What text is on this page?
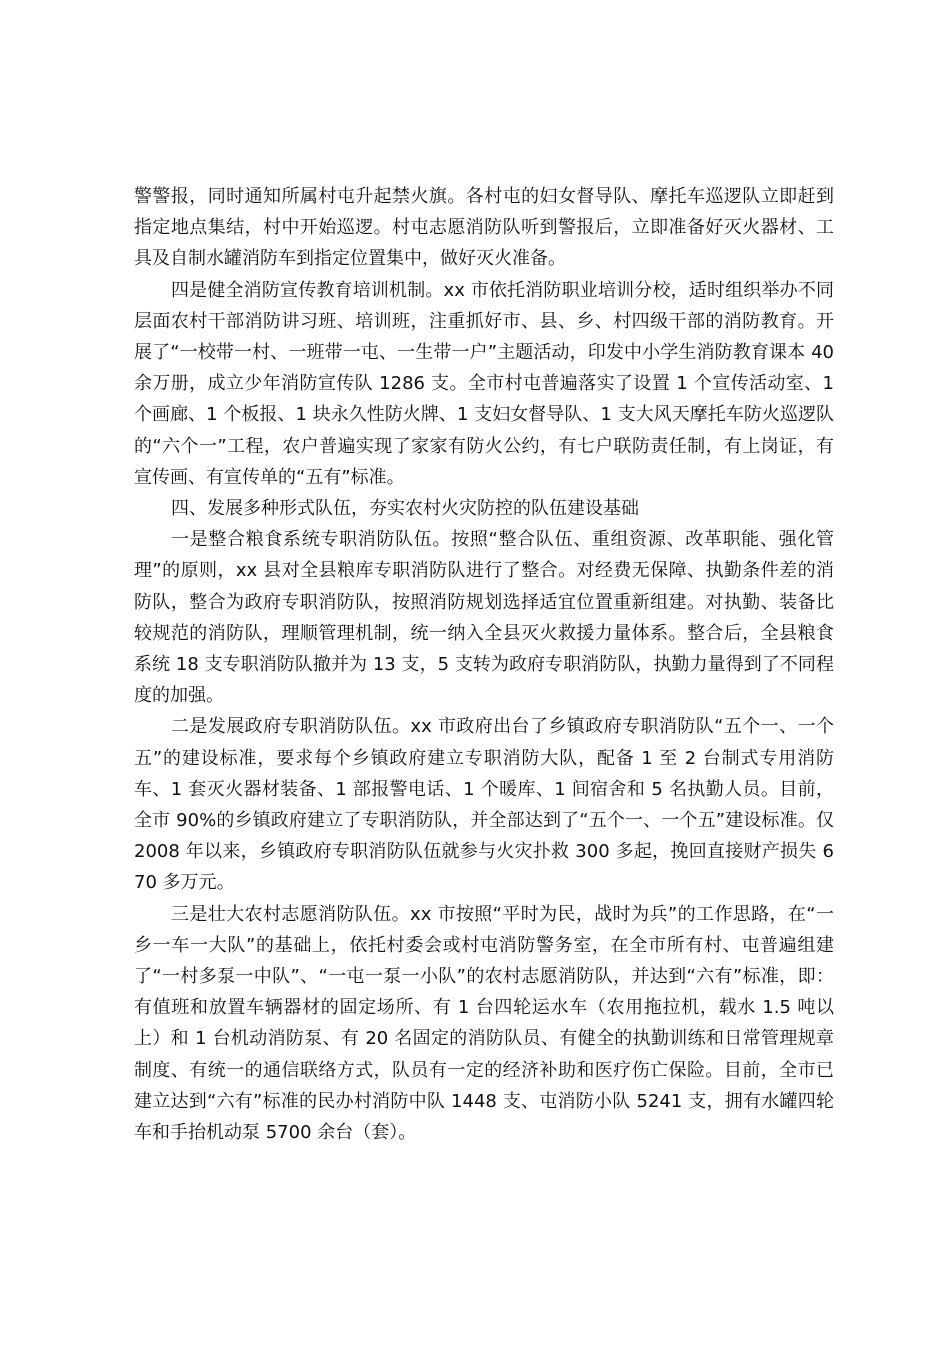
警警报，同时通知所属村屯升起禁火旗。各村屯的妇女督导队、摩托车巡逻队立即赶到指定地点集结，村中开始巡逻。村屯志愿消防队听到警报后，立即准备好灭火器材、工具及自制水罐消防车到指定位置集中，做好灭火准备。

四是健全消防宣传教育培训机制。xx 市依托消防职业培训分校，适时组织举办不同层面农村干部消防讲习班、培训班，注重抓好市、县、乡、村四级干部的消防教育。开展了“一校带一村、一班带一屯、一生带一户”主题活动，印发中小学生消防教育课本 40 余万册，成立少年消防宣传队 1286 支。全市村屯普遍落实了设置 1 个宣传活动室、1 个画廊、1 个板报、1 块永久性防火牌、1 支妇女督导队、1 支大风天摩托车防火巡逻队的“六个一”工程，农户普遍实现了家家有防火公约，有七户联防责任制，有上岗证，有宣传画、有宣传单的“五有”标准。

四、发展多种形式队伍，夯实农村火灾防控的队伍建设基础

一是整合粮食系统专职消防队伍。按照“整合队伍、重组资源、改革职能、强化管理”的原则，xx 县对全县粮库专职消防队进行了整合。对经费无保障、执勤条件差的消防队，整合为政府专职消防队，按照消防规划选择适宜位置重新组建。对执勤、装备比较规范的消防队，理顺管理机制，统一纳入全县灭火救援力量体系。整合后，全县粮食系统 18 支专职消防队撤并为 13 支，5 支转为政府专职消防队，执勤力量得到了不同程度的加强。

二是发展政府专职消防队伍。xx 市政府出台了乡镇政府专职消防队“五个一、一个五”的建设标准，要求每个乡镇政府建立专职消防大队，配备 1 至 2 台制式专用消防车、1 套灭火器材装备、1 部报警电话、1 个暖库、1 间宿舍和 5 名执勤人员。目前，全市 90%的乡镇政府建立了专职消防队，并全部达到了“五个一、一个五”建设标准。仅 2008 年以来，乡镇政府专职消防队伍就参与火灾扑救 300 多起，挽回直接财产损失 670 多万元。

三是壮大农村志愿消防队伍。xx 市按照“平时为民，战时为兵”的工作思路，在“一乡一车一大队”的基础上，依托村委会或村屯消防警务室，在全市所有村、屯普遍组建了“一村多泵一中队”、“一屯一泵一小队”的农村志愿消防队，并达到“六有”标准，即：有值班和放置车辆器材的固定场所、有 1 台四轮运水车（农用拖拉机，载水 1.5 吨以上）和 1 台机动消防泵、有 20 名固定的消防队员、有健全的执勤训练和日常管理规章制度、有统一的通信联络方式，队员有一定的经济补助和医疗伤亡保险。目前，全市已建立达到“六有”标准的民办村消防中队 1448 支、屯消防小队 5241 支，拥有水罐四轮车和手抬机动泵 5700 余台（套）。
